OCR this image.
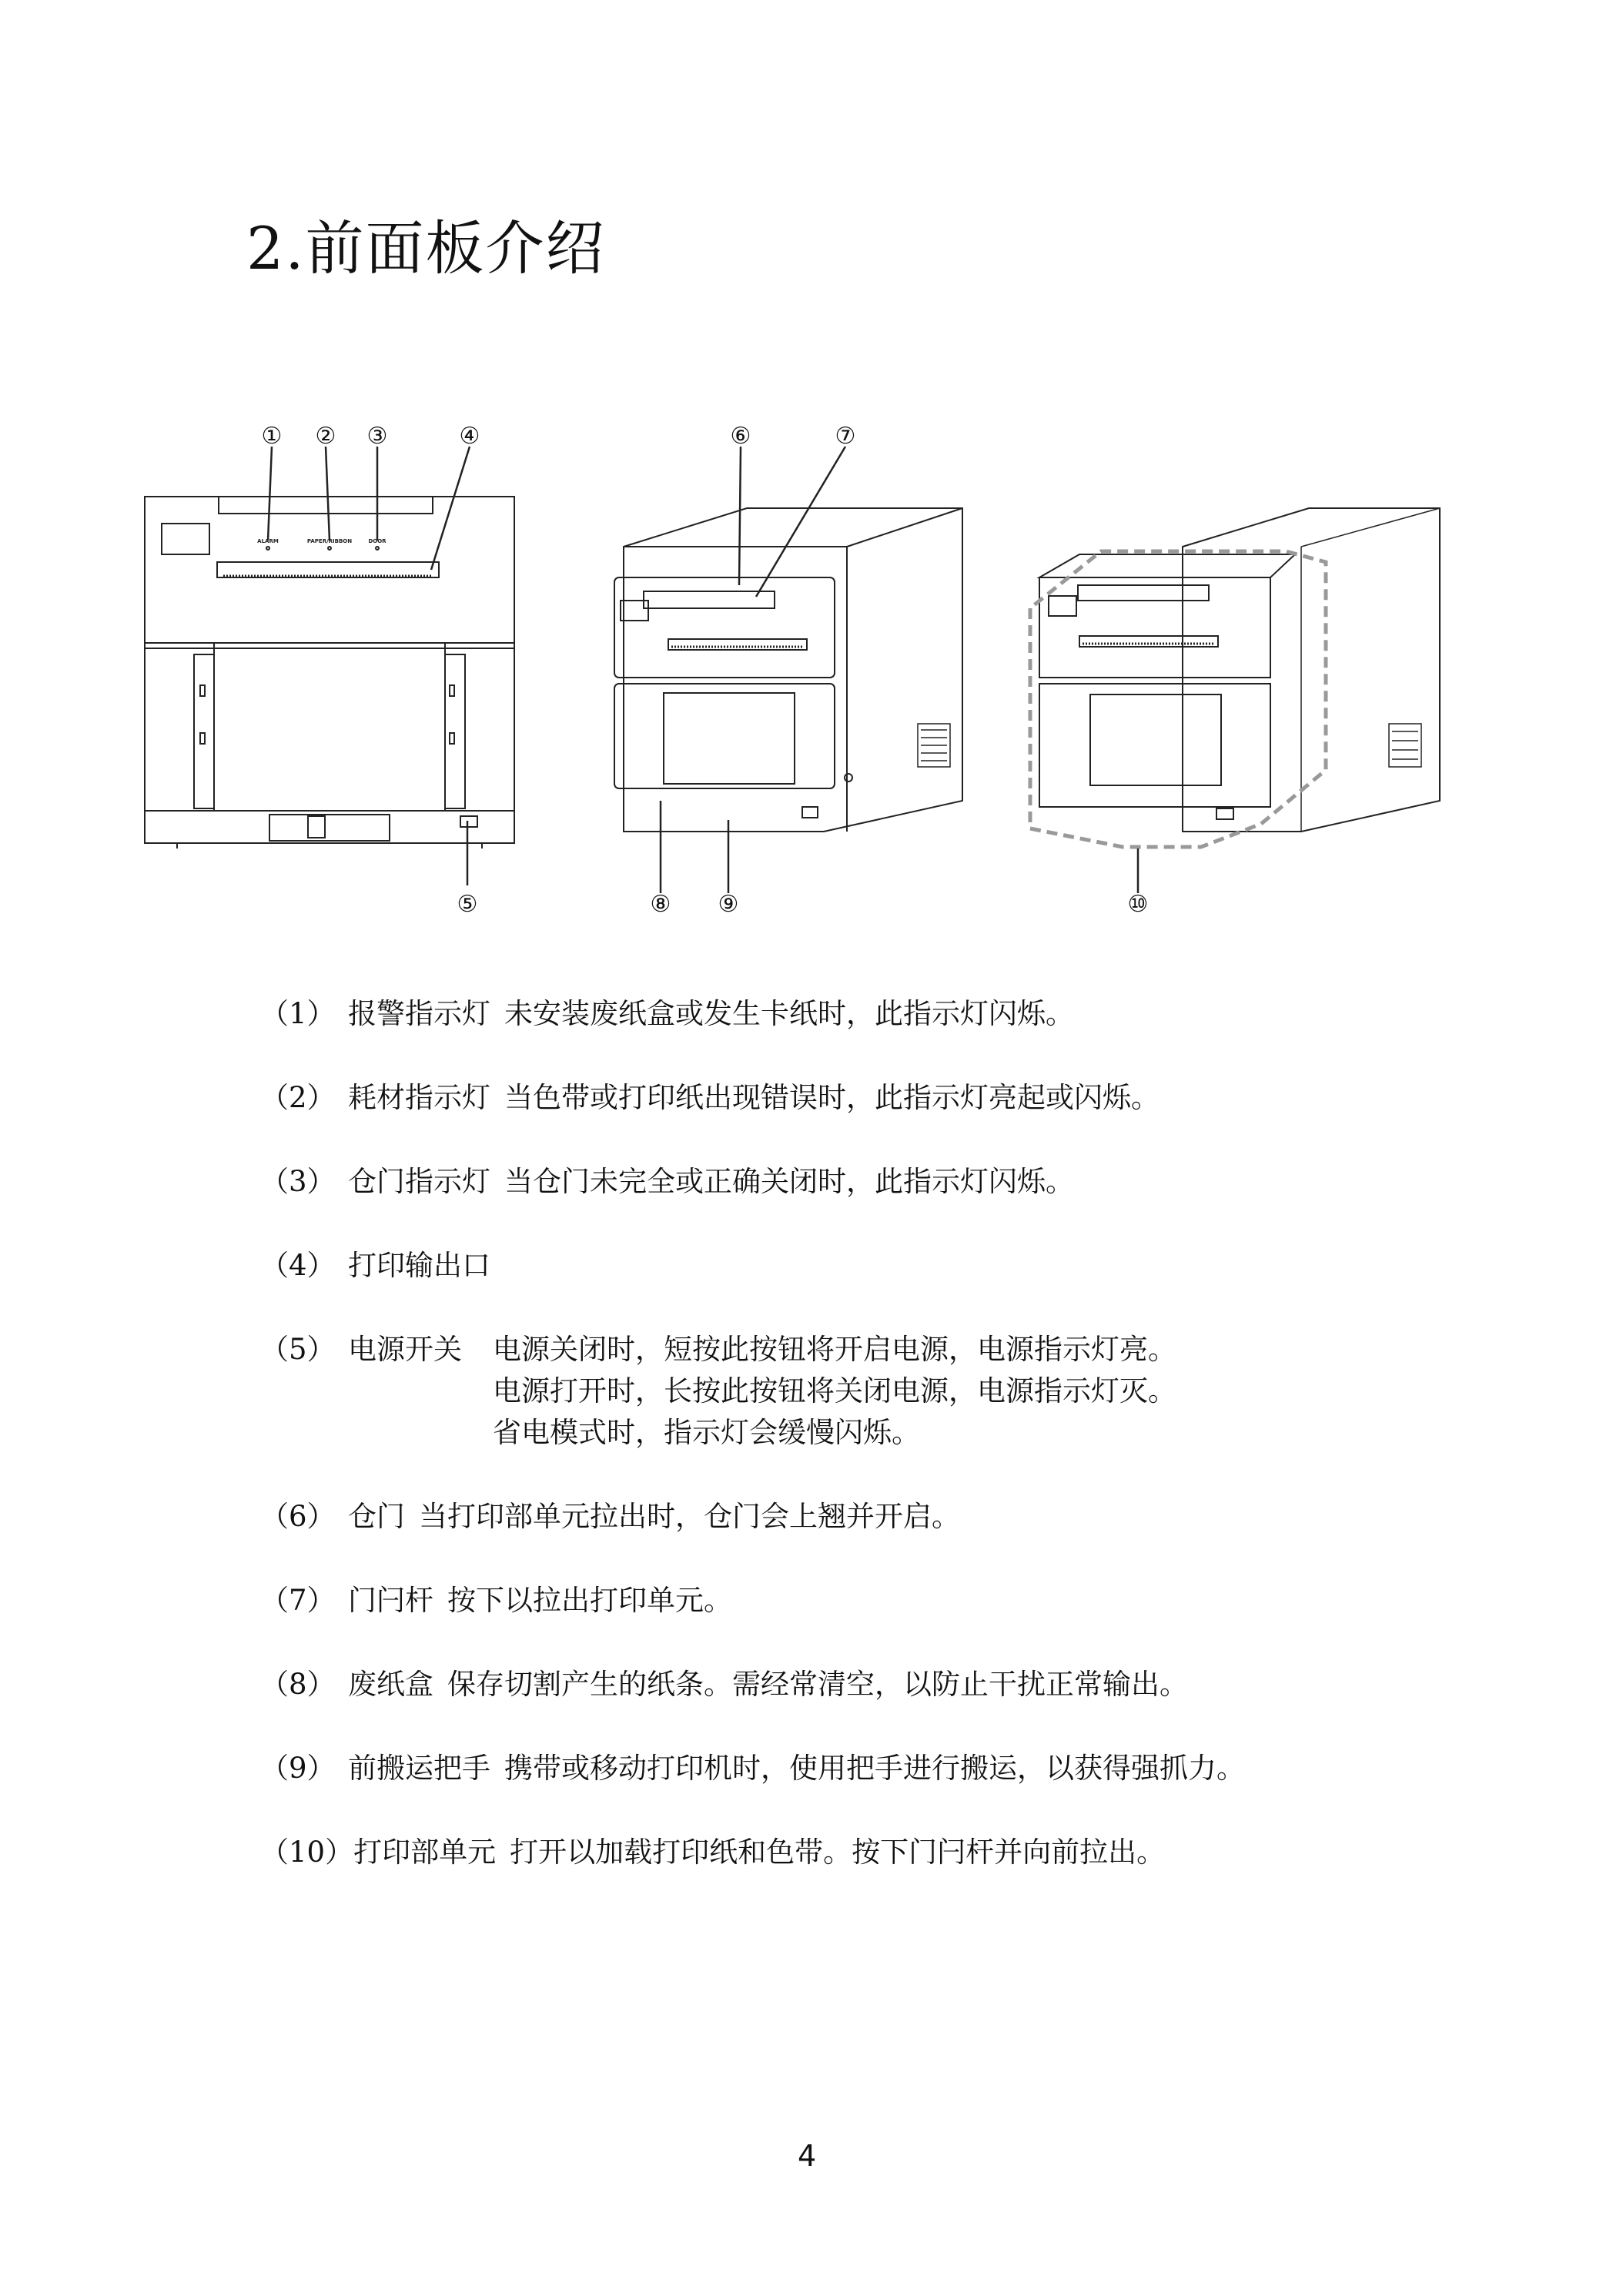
2.前面板介绍
ALARM	PAPER/RIBBON	DOOR
① ② ③	④
⑤
⑥	⑦
⑧ ⑨	⑩
（1） 报警指示灯 未安装废纸盒或发生卡纸时，此指示灯闪烁。
（2） 耗材指示灯 当色带或打印纸出现错误时，此指示灯亮起或闪烁。
（3） 仓门指示灯 当仓门未完全或正确关闭时，此指示灯闪烁。
（4） 打印输出口
（5） 电源开关 电源关闭时，短按此按钮将开启电源，电源指示灯亮。
电源打开时，长按此按钮将关闭电源，电源指示灯灭。
省电模式时，指示灯会缓慢闪烁。
（6） 仓门 当打印部单元拉出时，仓门会上翘并开启。
（7） 门闩杆 按下以拉出打印单元。
（8） 废纸盒 保存切割产生的纸条。需经常清空，以防止干扰正常输出。
（9） 前搬运把手 携带或移动打印机时，使用把手进行搬运，以获得强抓力。
（10）打印部单元 打开以加载打印纸和色带。按下门闩杆并向前拉出。
4
